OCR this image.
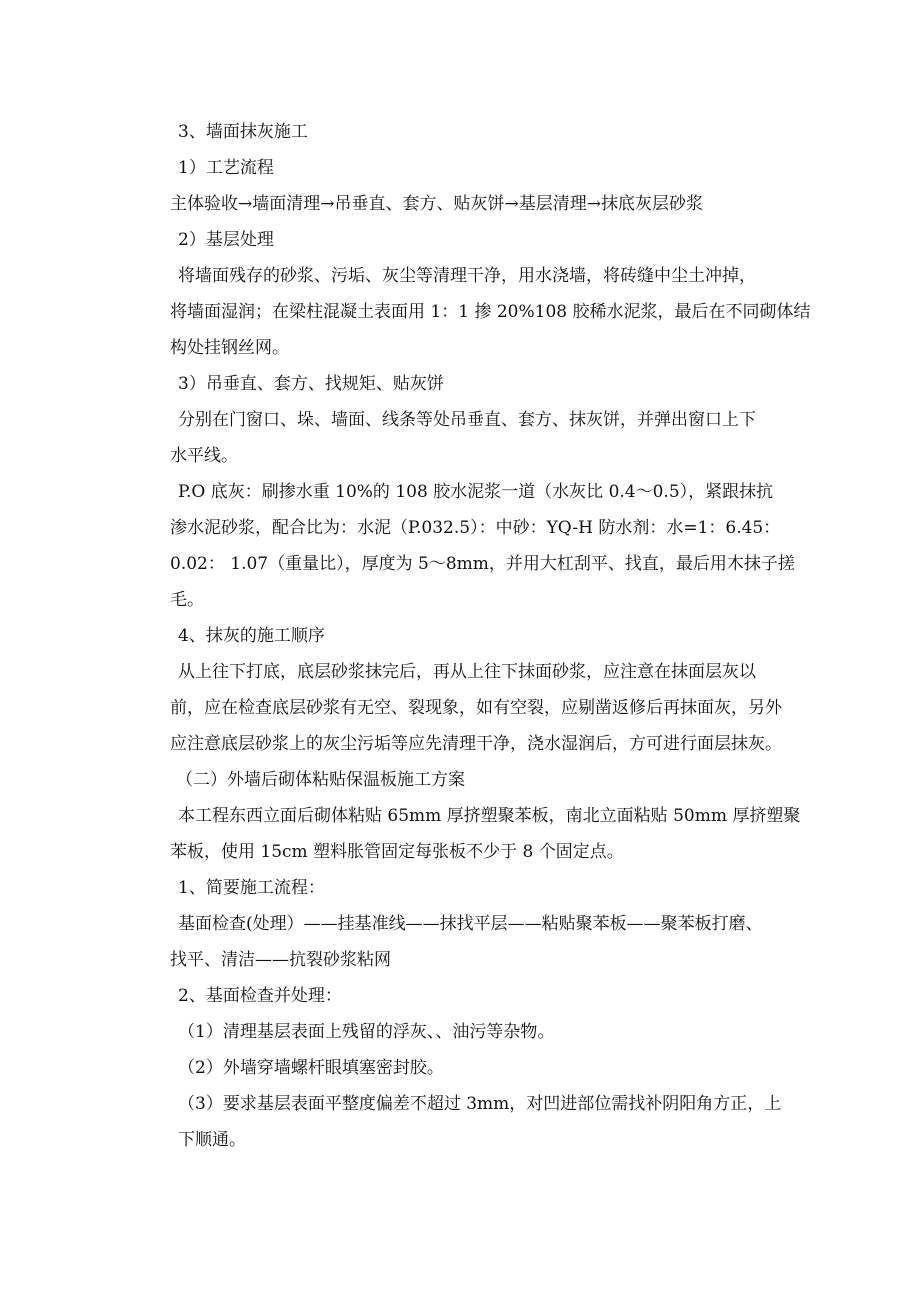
3、墙面抹灰施工

1）工艺流程

主体验收→墙面清理→吊垂直、套方、贴灰饼→基层清理→抹底灰层砂浆

2）基层处理

将墙面残存的砂浆、污垢、灰尘等清理干净，用水浇墙，将砖缝中尘土冲掉，
将墙面湿润；在梁柱混凝土表面用 1：1 掺 20%108 胶稀水泥浆，最后在不同砌体结
构处挂钢丝网。

3）吊垂直、套方、找规矩、贴灰饼

分别在门窗口、垛、墙面、线条等处吊垂直、套方、抹灰饼，并弹出窗口上下
水平线。

P.O 底灰：刷掺水重 10%的 108 胶水泥浆一道（水灰比 0.4～0.5），紧跟抹抗
渗水泥砂浆，配合比为：水泥（P.032.5）：中砂：YQ-H 防水剂：水=1：6.45：
0.02： 1.07（重量比），厚度为 5～8mm，并用大杠刮平、找直，最后用木抹子搓
毛。

4、抹灰的施工顺序

从上往下打底，底层砂浆抹完后，再从上往下抹面砂浆，应注意在抹面层灰以
前，应在检查底层砂浆有无空、裂现象，如有空裂，应剔凿返修后再抹面灰，另外
应注意底层砂浆上的灰尘污垢等应先清理干净，浇水湿润后，方可进行面层抹灰。

（二）外墙后砌体粘贴保温板施工方案

本工程东西立面后砌体粘贴 65mm 厚挤塑聚苯板，南北立面粘贴 50mm 厚挤塑聚
苯板，使用 15cm 塑料胀管固定每张板不少于 8 个固定点。

1、简要施工流程：

基面检查(处理）——挂基准线——抹找平层——粘贴聚苯板——聚苯板打磨、
找平、清洁——抗裂砂浆粘网

2、基面检查并处理：

（1）清理基层表面上残留的浮灰、、油污等杂物。

（2）外墙穿墙螺杆眼填塞密封胶。

（3）要求基层表面平整度偏差不超过 3mm，对凹进部位需找补阴阳角方正，上
下顺通。
